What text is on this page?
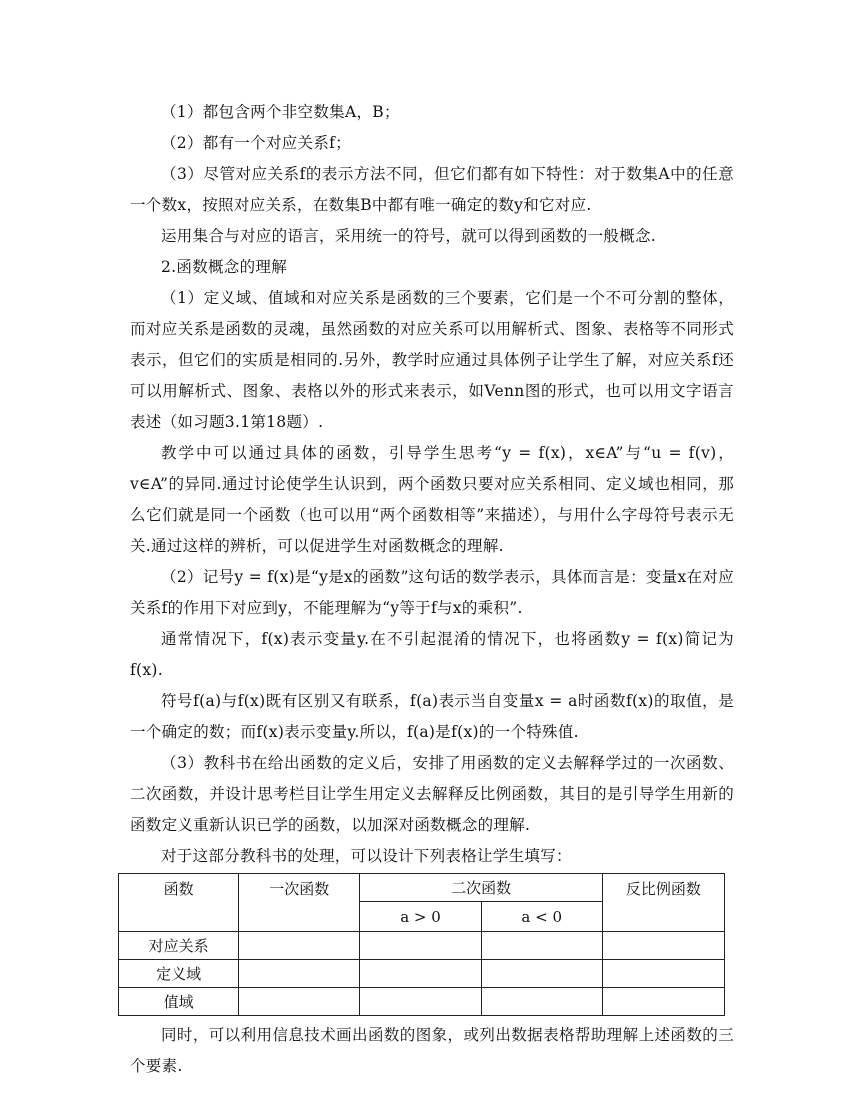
（1）都包含两个非空数集A，B；

（2）都有一个对应关系f；

（3）尽管对应关系f的表示方法不同，但它们都有如下特性：对于数集A中的任意一个数x，按照对应关系，在数集B中都有唯一确定的数y和它对应.

运用集合与对应的语言，采用统一的符号，就可以得到函数的一般概念.

2.函数概念的理解

（1）定义域、值域和对应关系是函数的三个要素，它们是一个不可分割的整体，而对应关系是函数的灵魂，虽然函数的对应关系可以用解析式、图象、表格等不同形式表示，但它们的实质是相同的.另外，教学时应通过具体例子让学生了解，对应关系f还可以用解析式、图象、表格以外的形式来表示，如Venn图的形式，也可以用文字语言表述（如习题3.1第18题）.

教学中可以通过具体的函数，引导学生思考“y = f(x)，x∈A”与“u = f(v)，v∈A”的异同.通过讨论使学生认识到，两个函数只要对应关系相同、定义域也相同，那么它们就是同一个函数（也可以用“两个函数相等”来描述），与用什么字母符号表示无关.通过这样的辨析，可以促进学生对函数概念的理解.

（2）记号y = f(x)是“y是x的函数”这句话的数学表示，具体而言是：变量x在对应关系f的作用下对应到y，不能理解为“y等于f与x的乘积”.

通常情况下，f(x)表示变量y.在不引起混淆的情况下，也将函数y = f(x)简记为f(x).

符号f(a)与f(x)既有区别又有联系，f(a)表示当自变量x = a时函数f(x)的取值，是一个确定的数；而f(x)表示变量y.所以，f(a)是f(x)的一个特殊值.

（3）教科书在给出函数的定义后，安排了用函数的定义去解释学过的一次函数、二次函数，并设计思考栏目让学生用定义去解释反比例函数，其目的是引导学生用新的函数定义重新认识已学的函数，以加深对函数概念的理解.

对于这部分教科书的处理，可以设计下列表格让学生填写：

函数	一次函数	二次函数		反比例函数
		a > 0	a < 0	
对应关系				
定义域				
值域				

同时，可以利用信息技术画出函数的图象，或列出数据表格帮助理解上述函数的三个要素.
